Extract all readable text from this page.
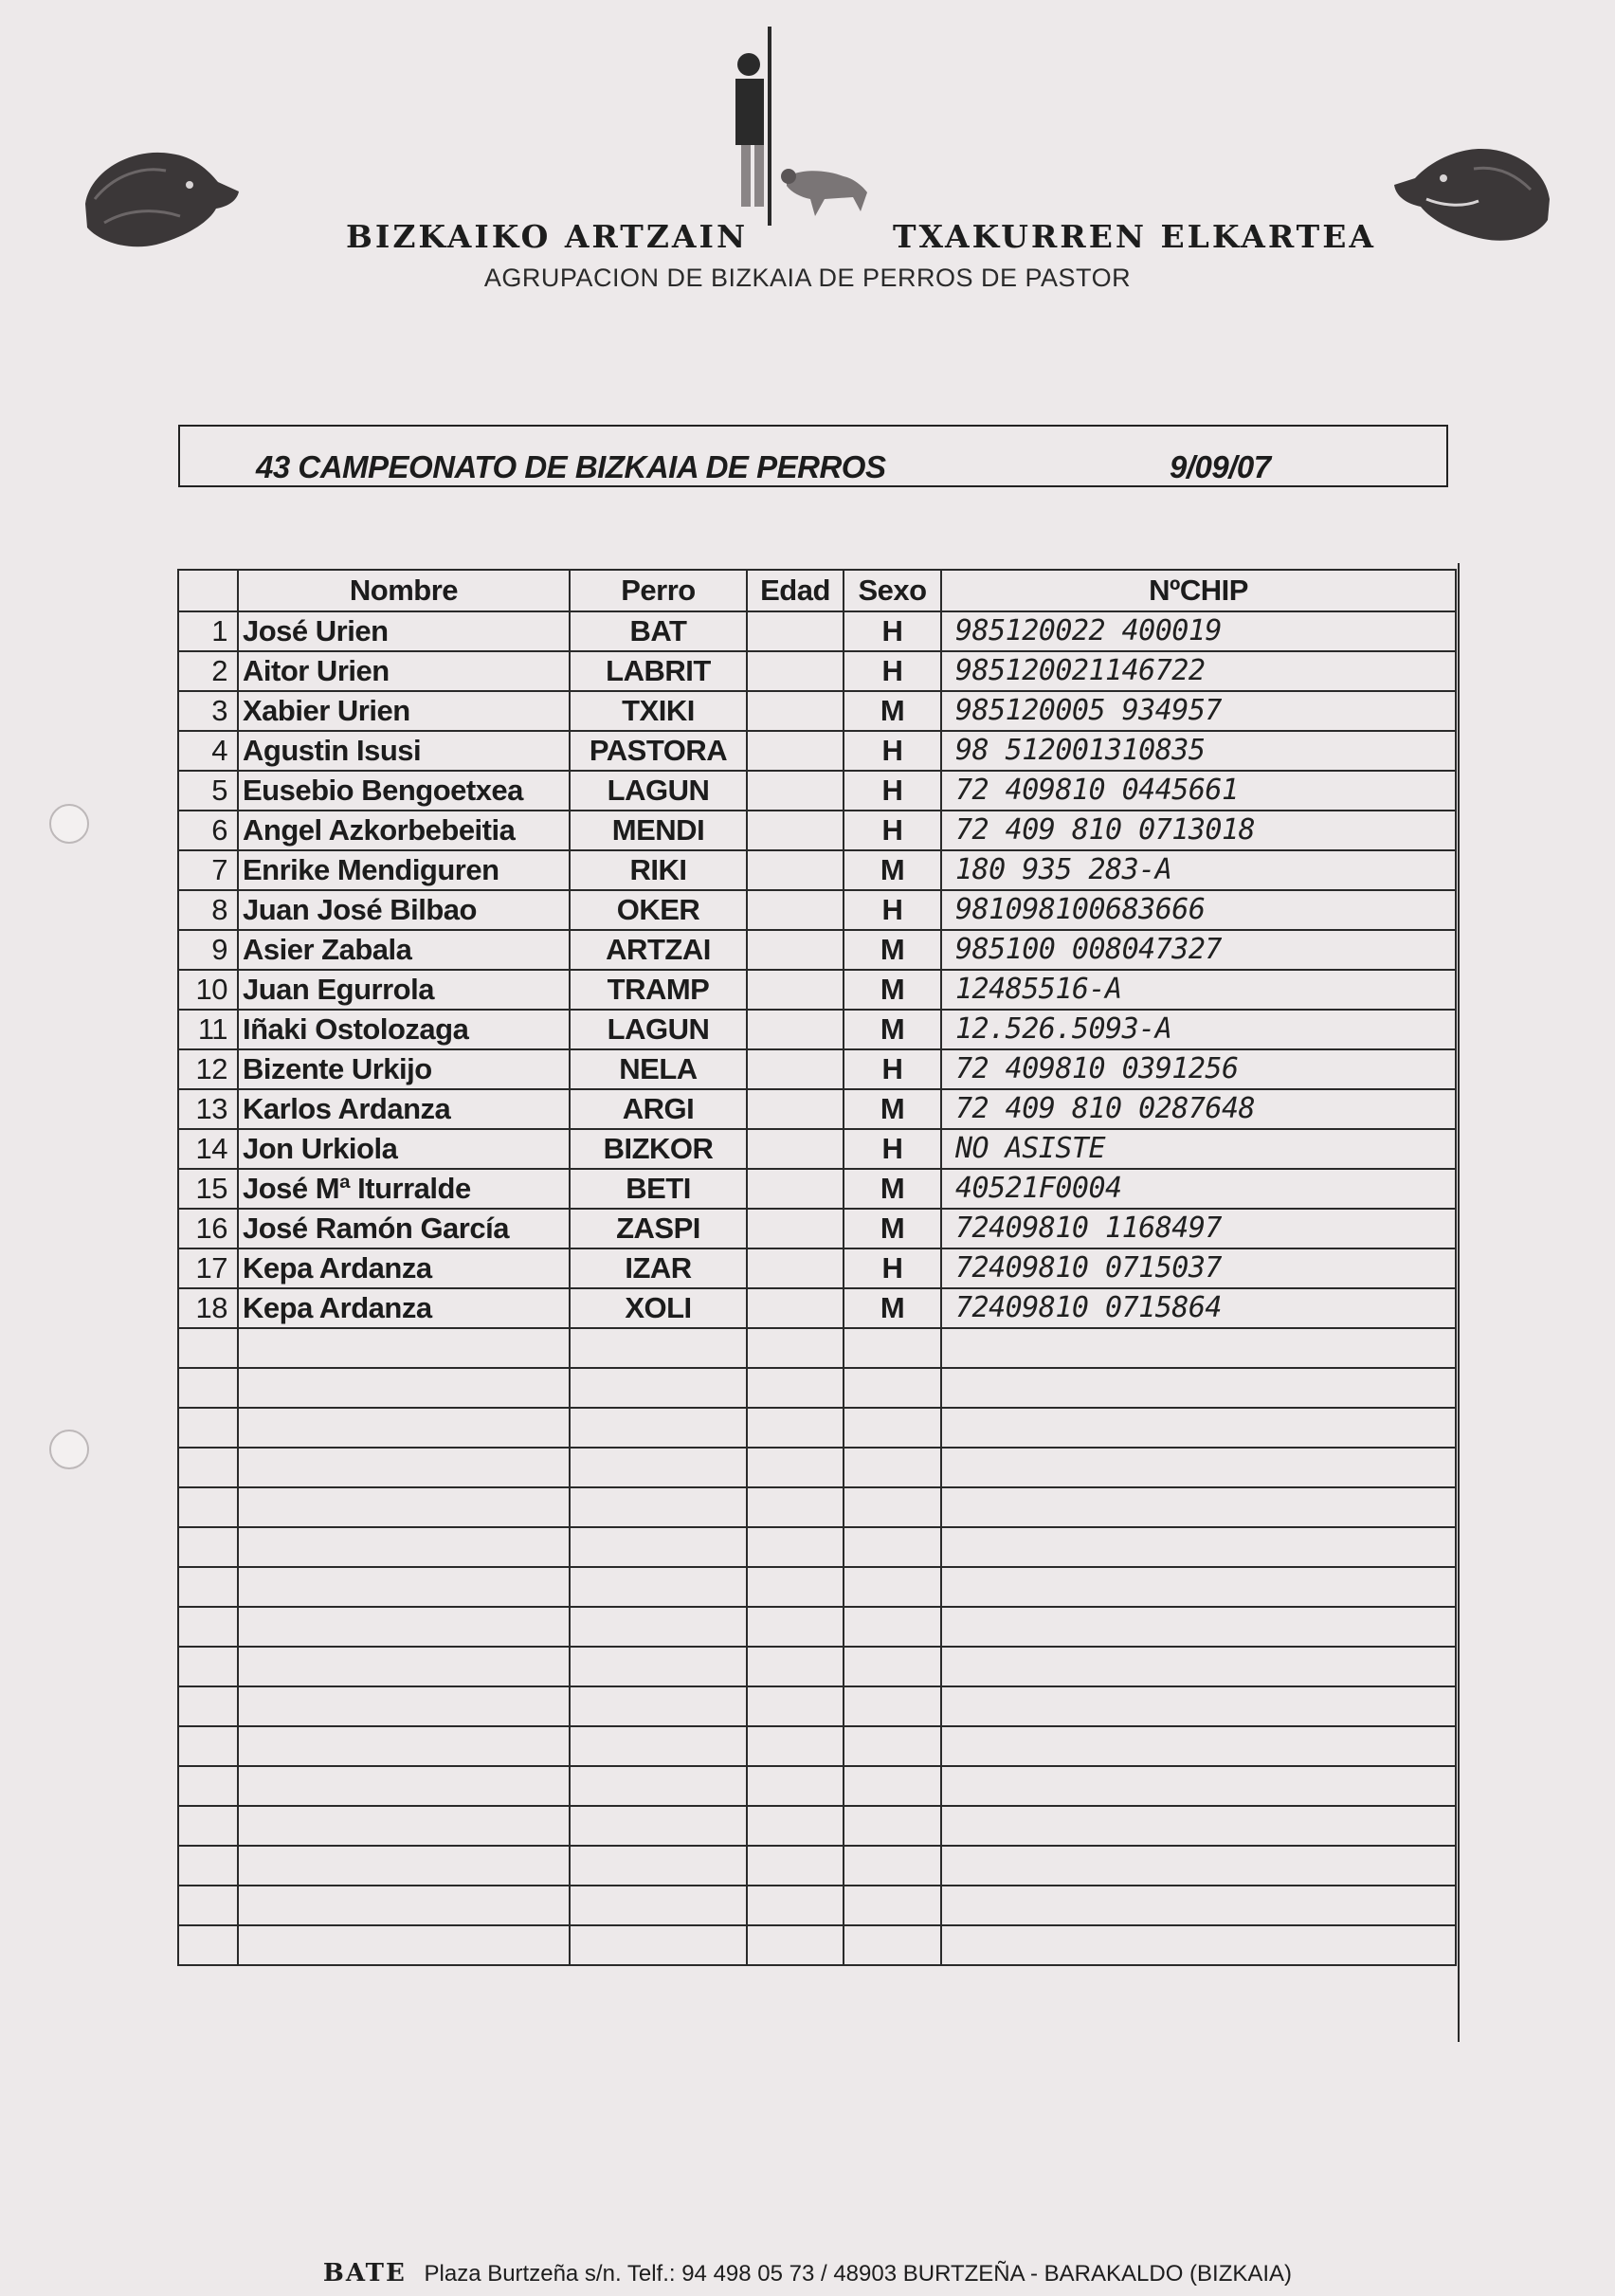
BIZKAIKO ARTZAIN	TXAKURREN ELKARTEA
AGRUPACION DE BIZKAIA DE PERROS DE PASTOR
43 CAMPEONATO DE BIZKAIA DE PERROS	9/09/07
	Nombre	Perro	Edad	Sexo	NºCHIP
1	José Urien	BAT		H	985120022 400019
2	Aitor Urien	LABRIT		H	985120021146722
3	Xabier Urien	TXIKI		M	985120005 934957
4	Agustin Isusi	PASTORA		H	98 512001310835
5	Eusebio Bengoetxea	LAGUN		H	72 409810 0445661
6	Angel Azkorbebeitia	MENDI		H	72 409 810 0713018
7	Enrike Mendiguren	RIKI		M	180 935 283-A
8	Juan José Bilbao	OKER		H	981098100683666
9	Asier Zabala	ARTZAI		M	985100 008047327
10	Juan Egurrola	TRAMP		M	12485516-A
11	Iñaki Ostolozaga	LAGUN		M	12.526.5093-A
12	Bizente Urkijo	NELA		H	72 409810 0391256
13	Karlos Ardanza	ARGI		M	72 409 810 0287648
14	Jon Urkiola	BIZKOR		H	NO ASISTE
15	José Mª Iturralde	BETI		M	40521F0004
16	José Ramón García	ZASPI		M	72409810 1168497
17	Kepa Ardanza	IZAR		H	72409810 0715037
18	Kepa Ardanza	XOLI		M	72409810 0715864

BATE Plaza Burtzeña s/n. Telf.: 94 498 05 73 / 48903 BURTZEÑA - BARAKALDO (BIZKAIA)
